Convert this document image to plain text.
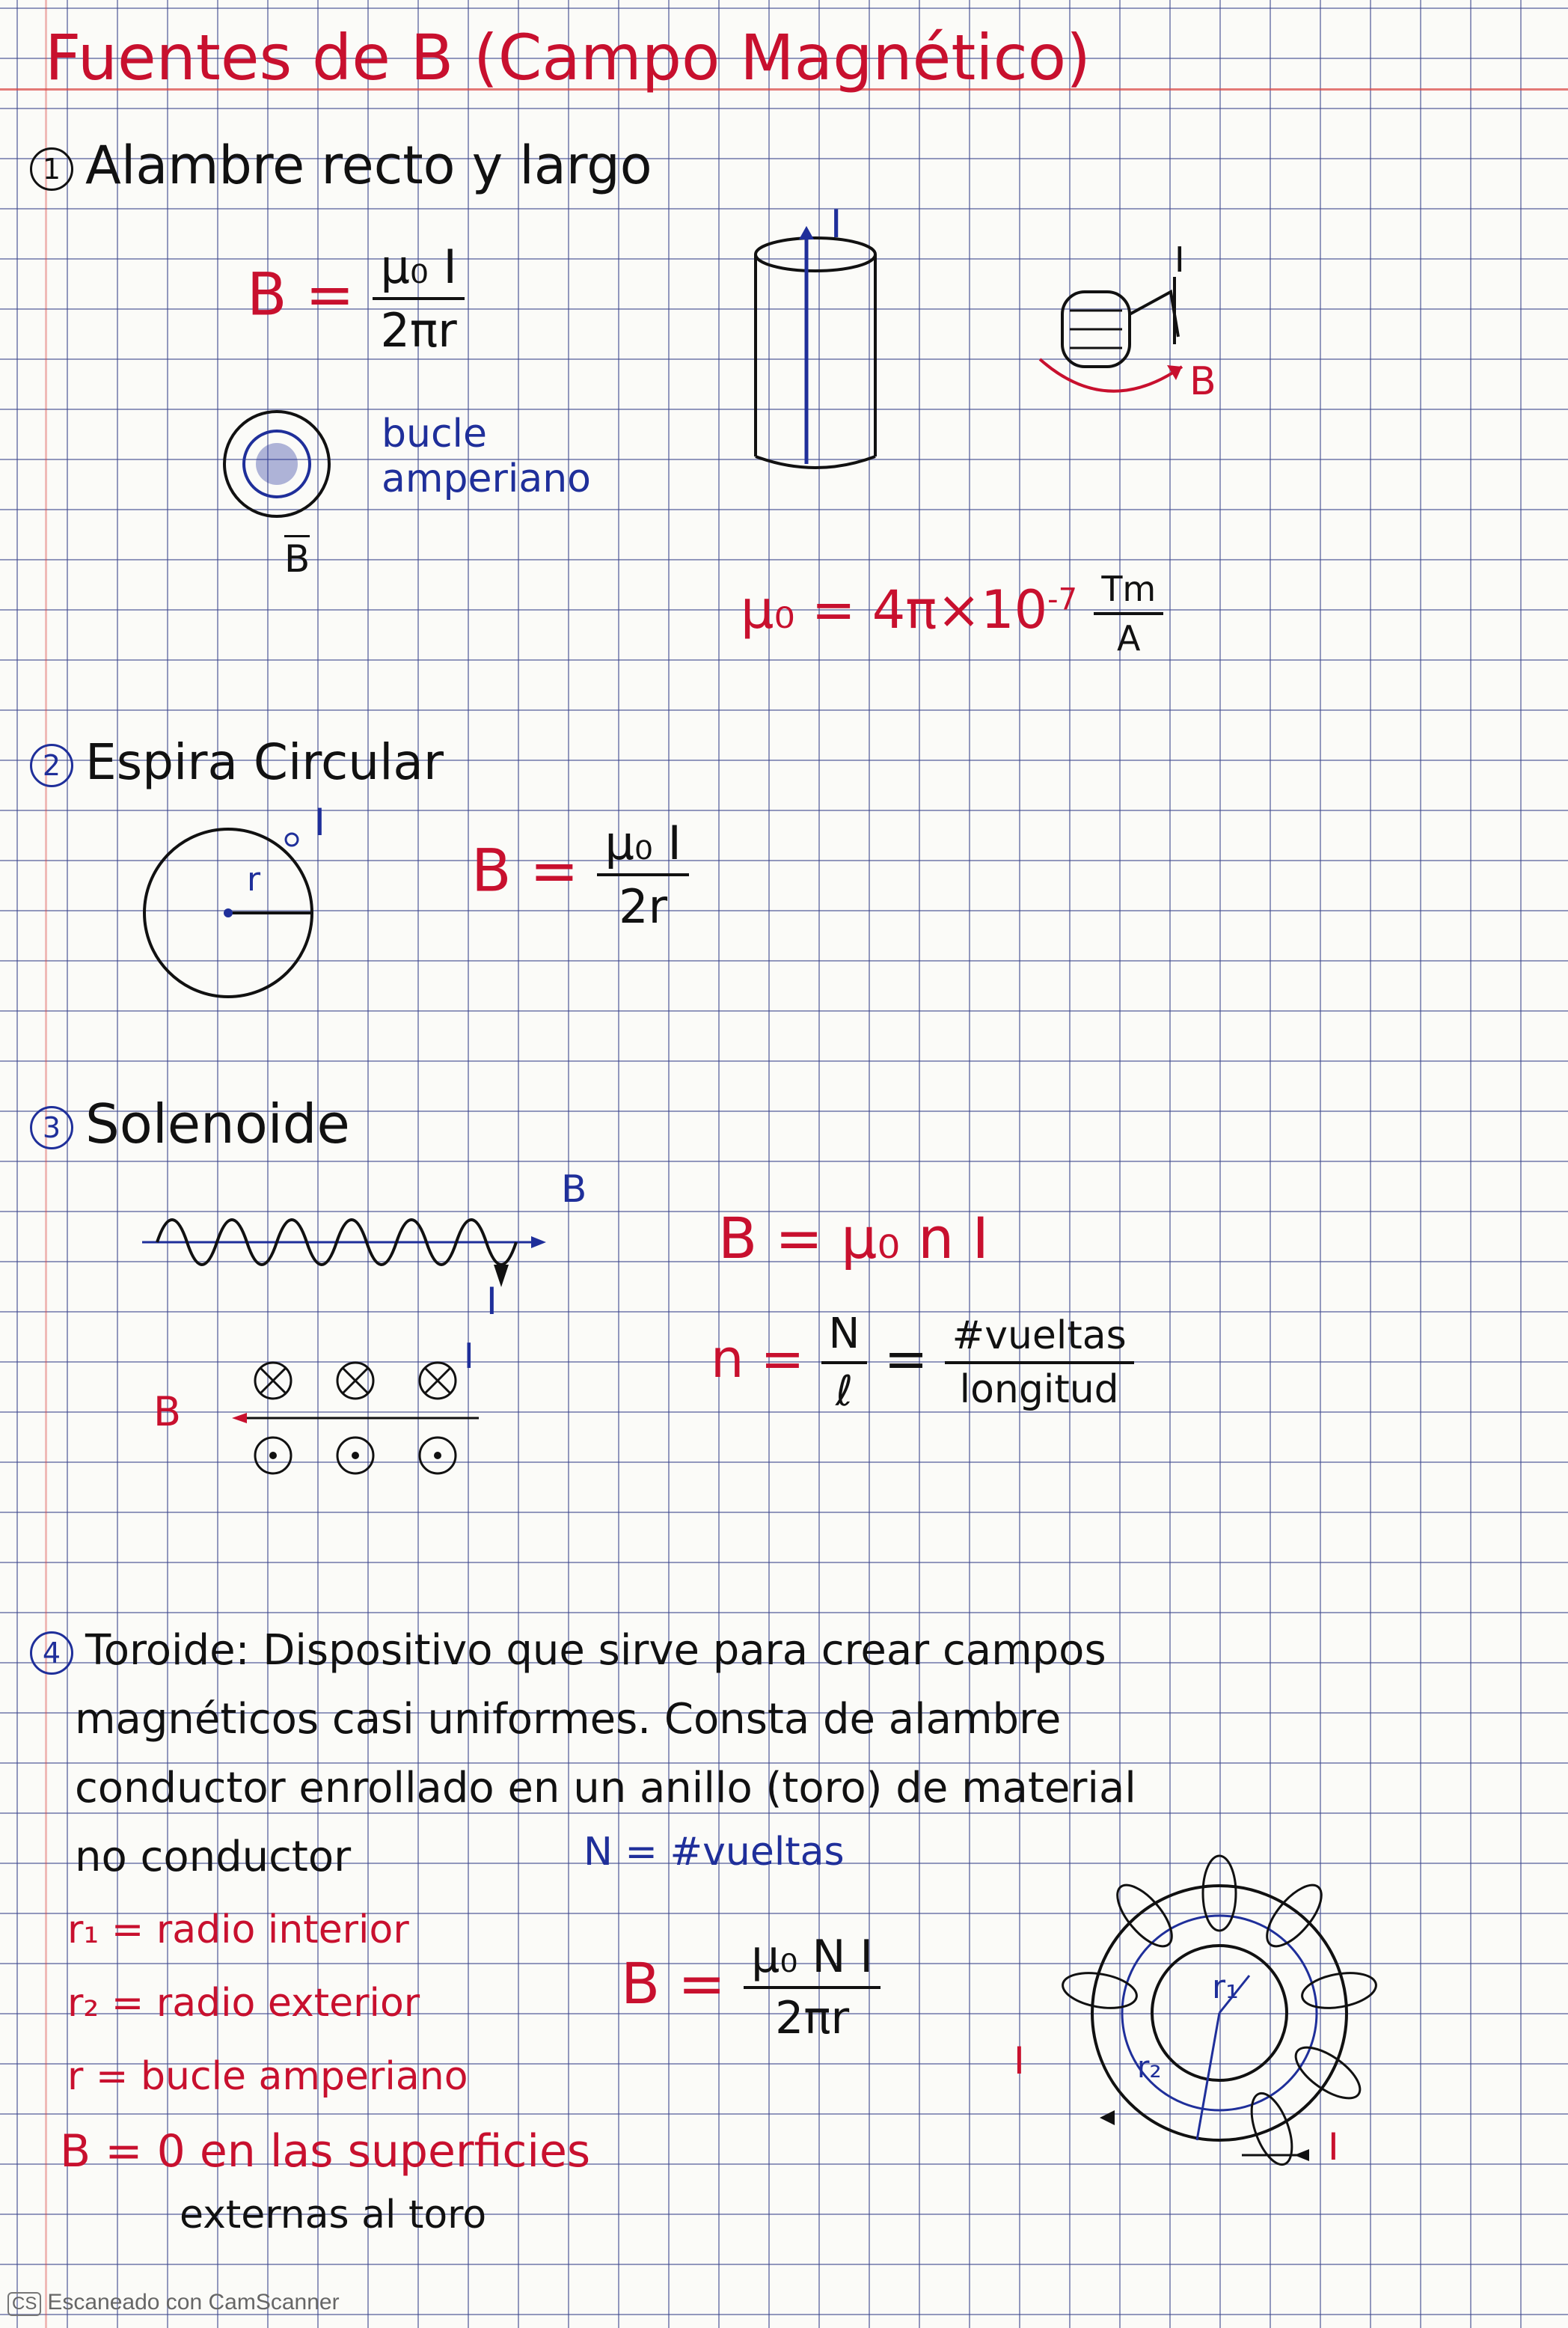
Fuentes de B (Campo Magnético)
1 Alambre recto y largo
$B = \frac{\text{μ₀ I}}{2\pi r}$
bucle
amperiano
B
I
I
B
$\mu_0 = 4\pi\times 10^{-7} \frac{Tm}{A}$
2 Espira Circular
I
r	$B = \frac{\text{μ₀ I}}{2r}$
3 Solenoide
B
I
B
I
B = μ₀ n I
$n = \frac{N}{\text{ℓ}} = \frac{\text{\#vueltas}}{\text{longitud}}$
4 Toroide: Dispositivo que sirve para crear campos
magnéticos casi uniformes. Consta de alambre
conductor enrollado en un anillo (toro) de material
no conductor	N = #vueltas
r₁ = radio interior
r₂ = radio exterior
r = bucle amperiano
$B = \frac{\text{μ₀ N I}}{2\pi r}$
B = 0 en las superficies
externas al toro
r₁
r₂
I
I
CS Escaneado con CamScanner
